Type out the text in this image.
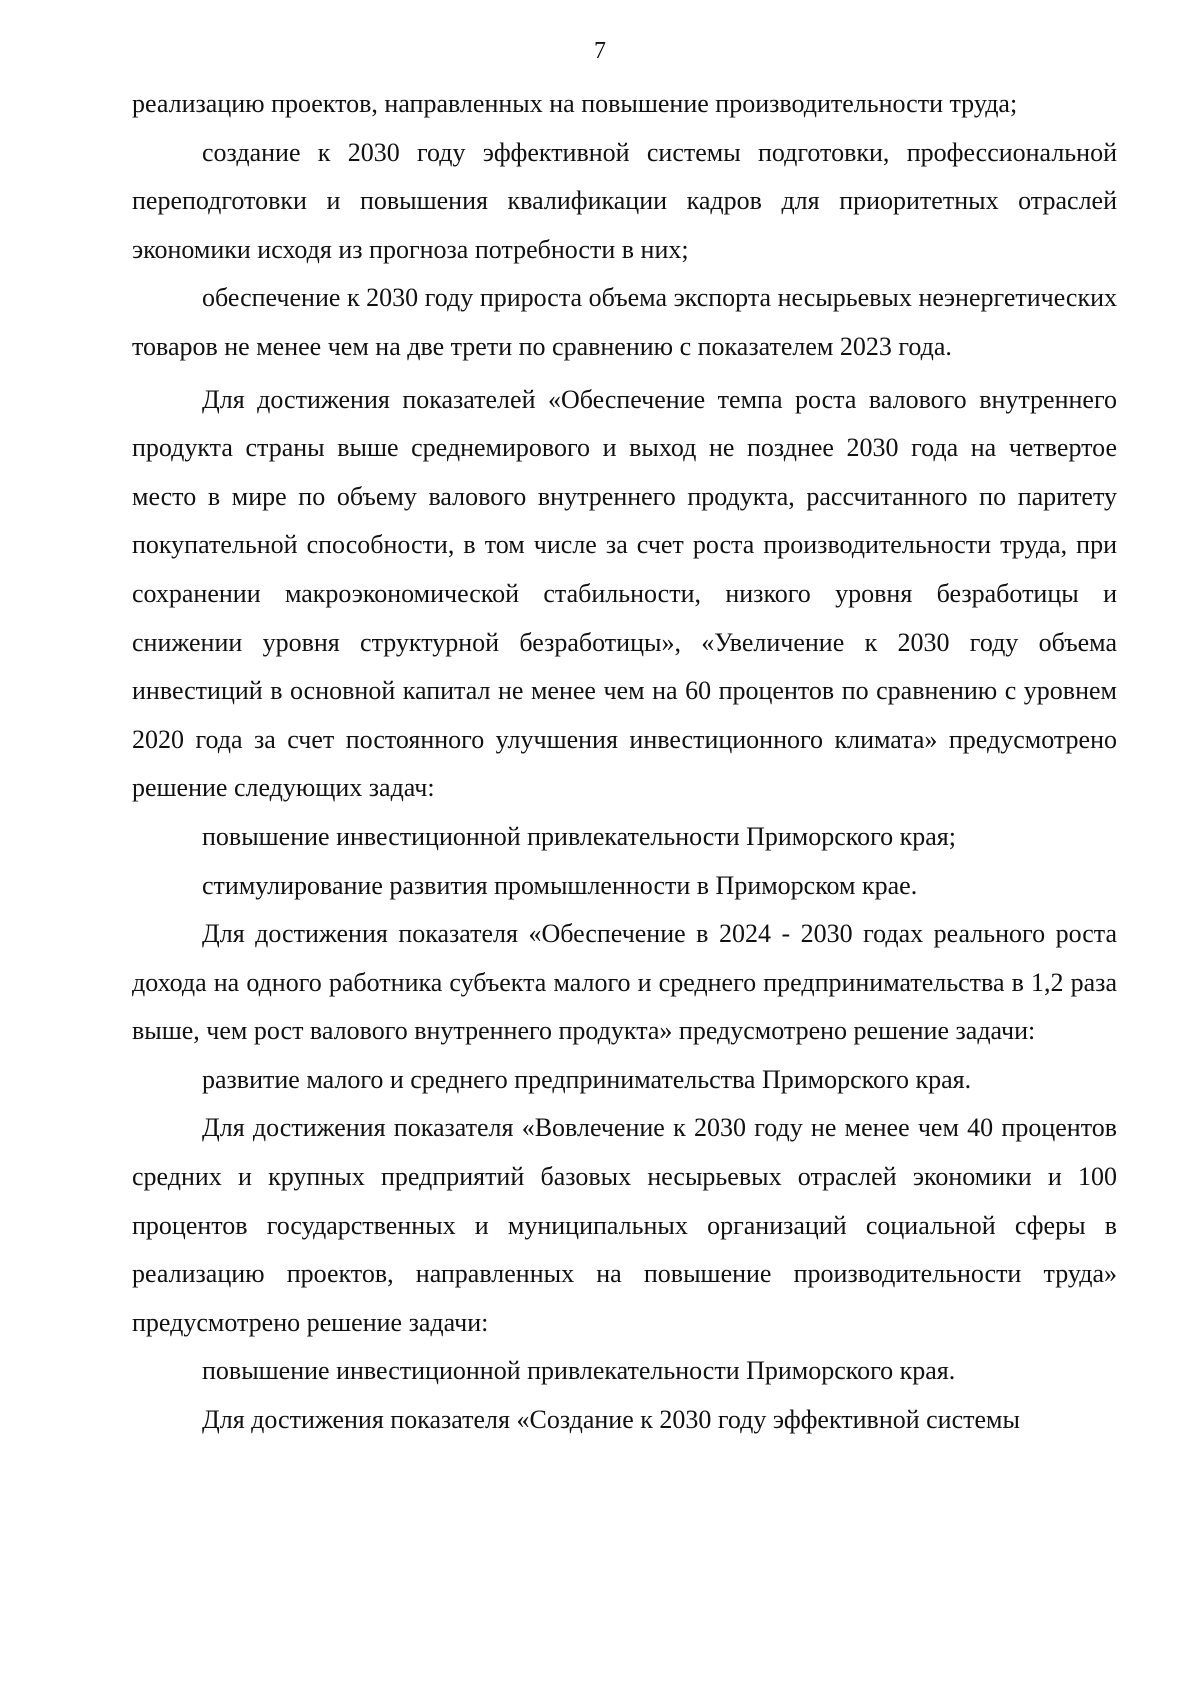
7

реализацию проектов, направленных на повышение производительности труда;

создание к 2030 году эффективной системы подготовки, профессиональной переподготовки и повышения квалификации кадров для приоритетных отраслей экономики исходя из прогноза потребности в них;

обеспечение к 2030 году прироста объема экспорта несырьевых неэнергетических товаров не менее чем на две трети по сравнению с показателем 2023 года.

Для достижения показателей «Обеспечение темпа роста валового внутреннего продукта страны выше среднемирового и выход не позднее 2030 года на четвертое место в мире по объему валового внутреннего продукта, рассчитанного по паритету покупательной способности, в том числе за счет роста производительности труда, при сохранении макроэкономической стабильности, низкого уровня безработицы и снижении уровня структурной безработицы», «Увеличение к 2030 году объема инвестиций в основной капитал не менее чем на 60 процентов по сравнению с уровнем 2020 года за счет постоянного улучшения инвестиционного климата» предусмотрено решение следующих задач:

повышение инвестиционной привлекательности Приморского края;

стимулирование развития промышленности в Приморском крае.

Для достижения показателя «Обеспечение в 2024 - 2030 годах реального роста дохода на одного работника субъекта малого и среднего предпринимательства в 1,2 раза выше, чем рост валового внутреннего продукта» предусмотрено решение задачи:

развитие малого и среднего предпринимательства Приморского края.

Для достижения показателя «Вовлечение к 2030 году не менее чем 40 процентов средних и крупных предприятий базовых несырьевых отраслей экономики и 100 процентов государственных и муниципальных организаций социальной сферы в реализацию проектов, направленных на повышение производительности труда» предусмотрено решение задачи:

повышение инвестиционной привлекательности Приморского края.

Для достижения показателя «Создание к 2030 году эффективной системы
